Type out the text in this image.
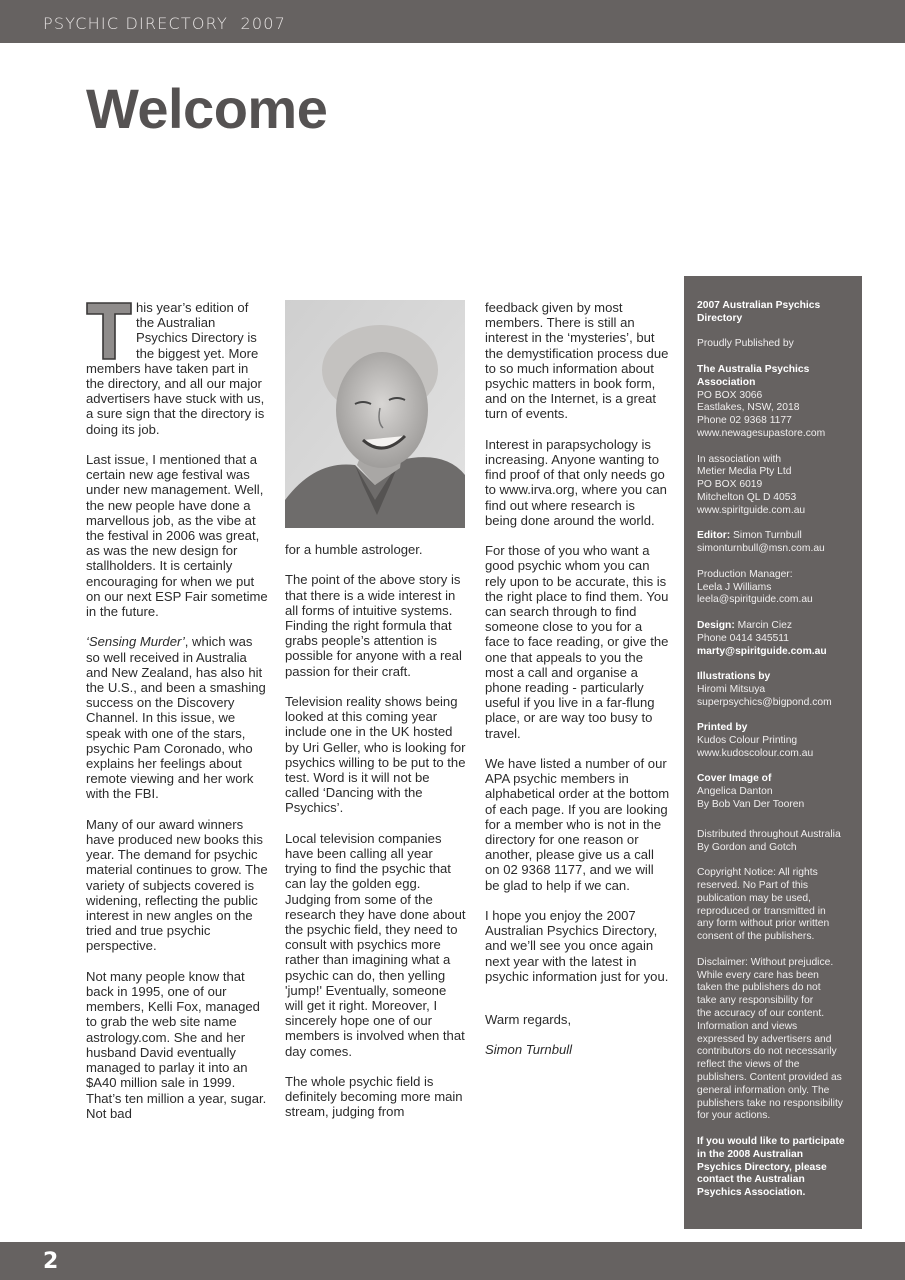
PSYCHIC DIRECTORY  2007
Welcome

his year’s edition of the Australian Psychics Directory is the biggest yet. More members have taken part in the directory, and all our major advertisers have stuck with us, a sure sign that the directory is doing its job.

Last issue, I mentioned that a certain new age festival was under new management. Well, the new people have done a marvellous job, as the vibe at the festival in 2006 was great, as was the new design for stallholders. It is certainly encouraging for when we put on our next ESP Fair sometime in the future.

‘Sensing Murder’, which was so well received in Australia and New Zealand, has also hit the U.S., and been a smashing success on the Discovery Channel. In this issue, we speak with one of the stars, psychic Pam Coronado, who explains her feelings about remote viewing and her work with the FBI.

Many of our award winners have produced new books this year. The demand for psychic material continues to grow. The variety of subjects covered is widening, reflecting the public interest in new angles on the tried and true psychic perspective.

Not many people know that back in 1995, one of our members, Kelli Fox, managed to grab the web site name astrology.com. She and her husband David eventually managed to parlay it into an $A40 million sale in 1999. That’s ten million a year, sugar. Not bad

for a humble astrologer.

The point of the above story is that there is a wide interest in all forms of intuitive systems. Finding the right formula that grabs people’s attention is possible for anyone with a real passion for their craft.

Television reality shows being looked at this coming year include one in the UK hosted by Uri Geller, who is looking for psychics willing to be put to the test. Word is it will not be called ‘Dancing with the Psychics’.

Local television companies have been calling all year trying to find the psychic that can lay the golden egg. Judging from some of the research they have done about the psychic field, they need to consult with psychics more rather than imagining what a psychic can do, then yelling 'jump!' Eventually, someone will get it right. Moreover, I sincerely hope one of our members is involved when that day comes.

The whole psychic field is definitely becoming more main stream, judging from

feedback given by most members. There is still an interest in the ‘mysteries’, but the demystification process due to so much information about psychic matters in book form, and on the Internet, is a great turn of events.

Interest in parapsychology is increasing. Anyone wanting to find proof of that only needs go to www.irva.org, where you can find out where research is being done around the world.

For those of you who want a good psychic whom you can rely upon to be accurate, this is the right place to find them. You can search through to find someone close to you for a face to face reading, or give the one that appeals to you the most a call and organise a phone reading - particularly useful if you live in a far-flung place, or are way too busy to travel.

We have listed a number of our APA psychic members in alphabetical order at the bottom of each page. If you are looking for a member who is not in the directory for one reason or another, please give us a call on 02 9368 1177, and we will be glad to help if we can.

I hope you enjoy the 2007 Australian Psychics Directory, and we’ll see you once again next year with the latest in psychic information just for you.

Warm regards,

Simon Turnbull

2007 Australian Psychics
Directory
Proudly Published by
The Australia Psychics
Association
PO BOX 3066
Eastlakes, NSW, 2018
Phone 02 9368 1177
www.newagesupastore.com
In association with
Metier Media Pty Ltd
PO BOX 6019
Mitchelton QL D 4053
www.spiritguide.com.au
Editor: Simon Turnbull
simonturnbull@msn.com.au
Production Manager:
Leela J Williams
leela@spiritguide.com.au
Design: Marcin Ciez
Phone 0414 345511
marty@spiritguide.com.au
Illustrations by
Hiromi Mitsuya
superpsychics@bigpond.com
Printed by
Kudos Colour Printing
www.kudoscolour.com.au
Cover Image of
Angelica Danton
By Bob Van Der Tooren
Distributed throughout Australia
By Gordon and Gotch
Copyright Notice: All rights
reserved. No Part of this
publication may be used,
reproduced or transmitted in
any form without prior written
consent of the publishers.
Disclaimer: Without prejudice.
While every care has been
taken the publishers do not
take any responsibility for
the accuracy of our content.
Information and views
expressed by advertisers and
contributors do not necessarily
reflect the views of the
publishers. Content provided as
general information only. The
publishers take no responsibility
for your actions.
If you would like to participate
in the 2008 Australian
Psychics Directory, please
contact the Australian
Psychics Association.
2
